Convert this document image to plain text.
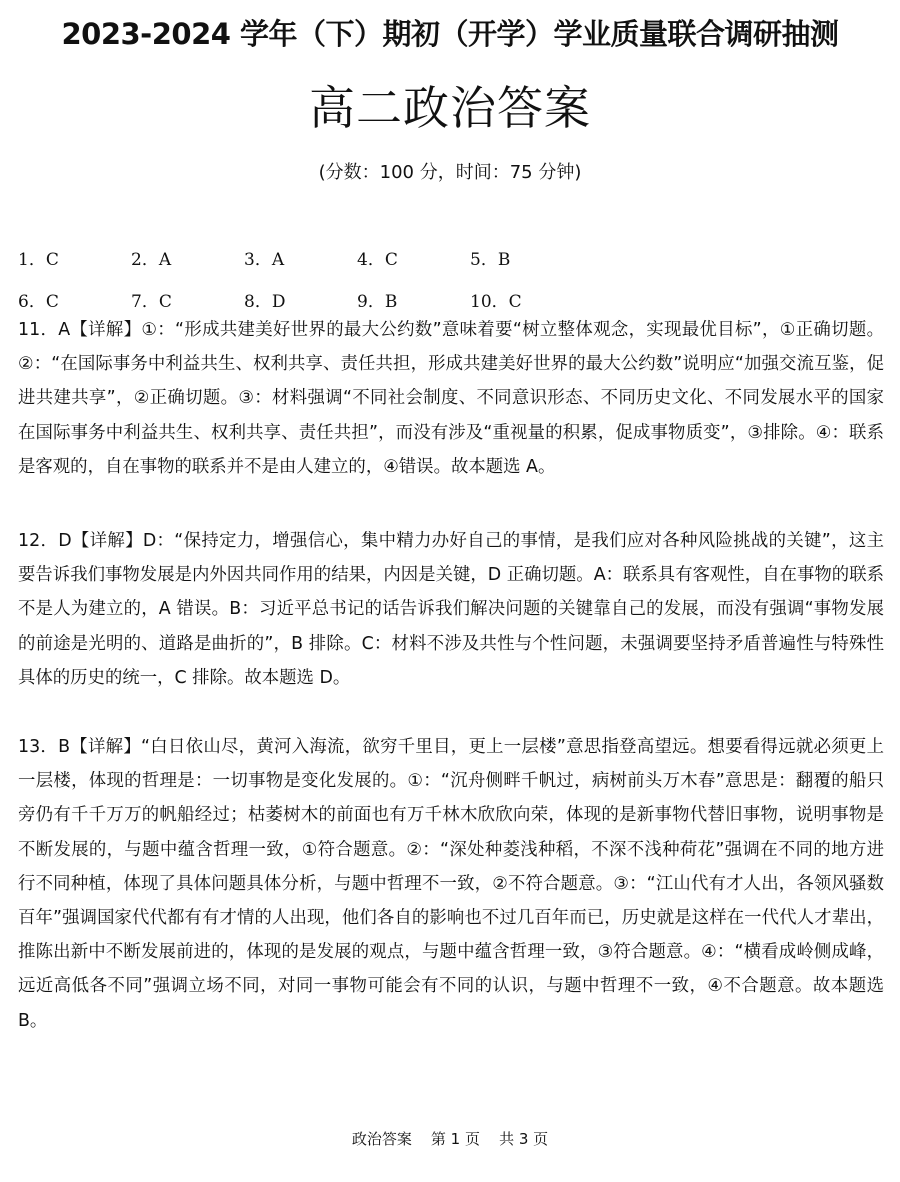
2023-2024 学年（下）期初（开学）学业质量联合调研抽测
高二政治答案
(分数：100 分，时间：75 分钟)
1．C	2．A	3．A	4．C	5．B
6．C	7．C	8．D	9．B	10．C
11．A【详解】①：“形成共建美好世界的最大公约数”意味着要“树立整体观念，实现最优目标”，①正确切题。②：“在国际事务中利益共生、权利共享、责任共担，形成共建美好世界的最大公约数”说明应“加强交流互鉴，促进共建共享”，②正确切题。③：材料强调“不同社会制度、不同意识形态、不同历史文化、不同发展水平的国家在国际事务中利益共生、权利共享、责任共担”，而没有涉及“重视量的积累，促成事物质变”，③排除。④：联系是客观的，自在事物的联系并不是由人建立的，④错误。故本题选 A。
12．D【详解】D：“保持定力，增强信心，集中精力办好自己的事情，是我们应对各种风险挑战的关键”，这主要告诉我们事物发展是内外因共同作用的结果，内因是关键，D 正确切题。A：联系具有客观性，自在事物的联系不是人为建立的，A 错误。B：习近平总书记的话告诉我们解决问题的关键靠自己的发展，而没有强调“事物发展的前途是光明的、道路是曲折的”，B 排除。C：材料不涉及共性与个性问题，未强调要坚持矛盾普遍性与特殊性具体的历史的统一，C 排除。故本题选 D。
13．B【详解】“白日依山尽，黄河入海流，欲穷千里目，更上一层楼”意思指登高望远。想要看得远就必须更上一层楼，体现的哲理是：一切事物是变化发展的。①：“沉舟侧畔千帆过，病树前头万木春”意思是：翻覆的船只旁仍有千千万万的帆船经过；枯萎树木的前面也有万千林木欣欣向荣，体现的是新事物代替旧事物，说明事物是不断发展的，与题中蕴含哲理一致，①符合题意。②：“深处种菱浅种稻，不深不浅种荷花”强调在不同的地方进行不同种植，体现了具体问题具体分析，与题中哲理不一致，②不符合题意。③：“江山代有才人出，各领风骚数百年”强调国家代代都有有才情的人出现，他们各自的影响也不过几百年而已，历史就是这样在一代代人才辈出，推陈出新中不断发展前进的，体现的是发展的观点，与题中蕴含哲理一致，③符合题意。④：“横看成岭侧成峰，远近高低各不同”强调立场不同，对同一事物可能会有不同的认识，与题中哲理不一致，④不合题意。故本题选 B。
政治答案    第 1 页    共 3 页
